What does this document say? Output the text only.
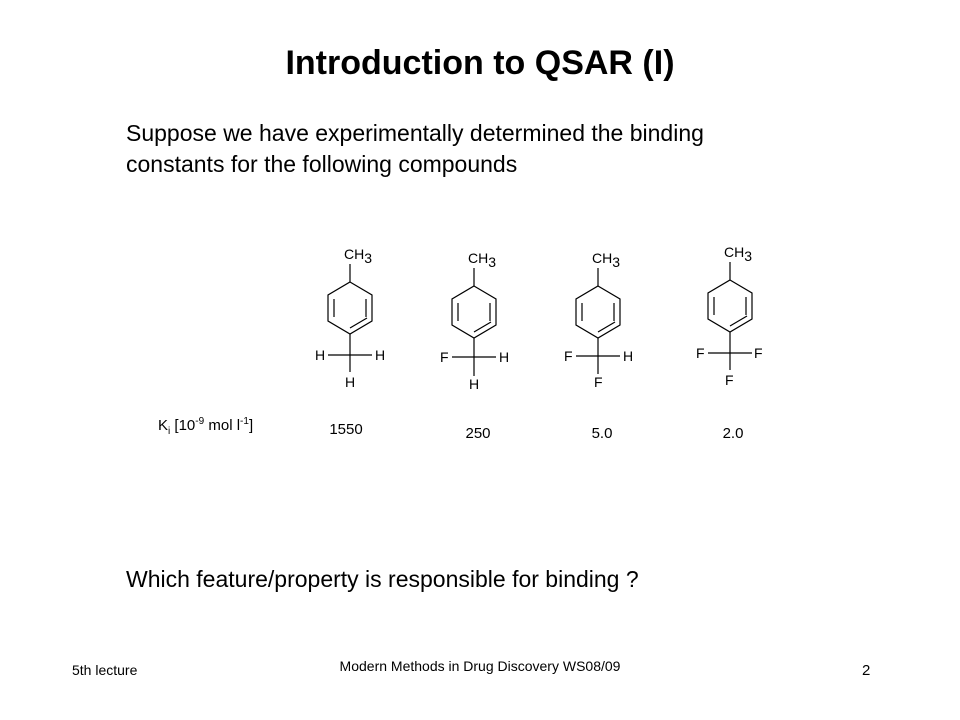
Introduction to QSAR (I)

Suppose we have experimentally determined the binding
constants for the following compounds

CH3
H	H
H
CH3
F	H
H
CH3
F	H
F
CH3
F	F
F
$K_i$ [$10^{-9}$ mol $l^{-1}$]	1550	250	5.0	2.0

Which feature/property is responsible for binding ?

5th lecture	Modern Methods in Drug Discovery WS08/09	2
